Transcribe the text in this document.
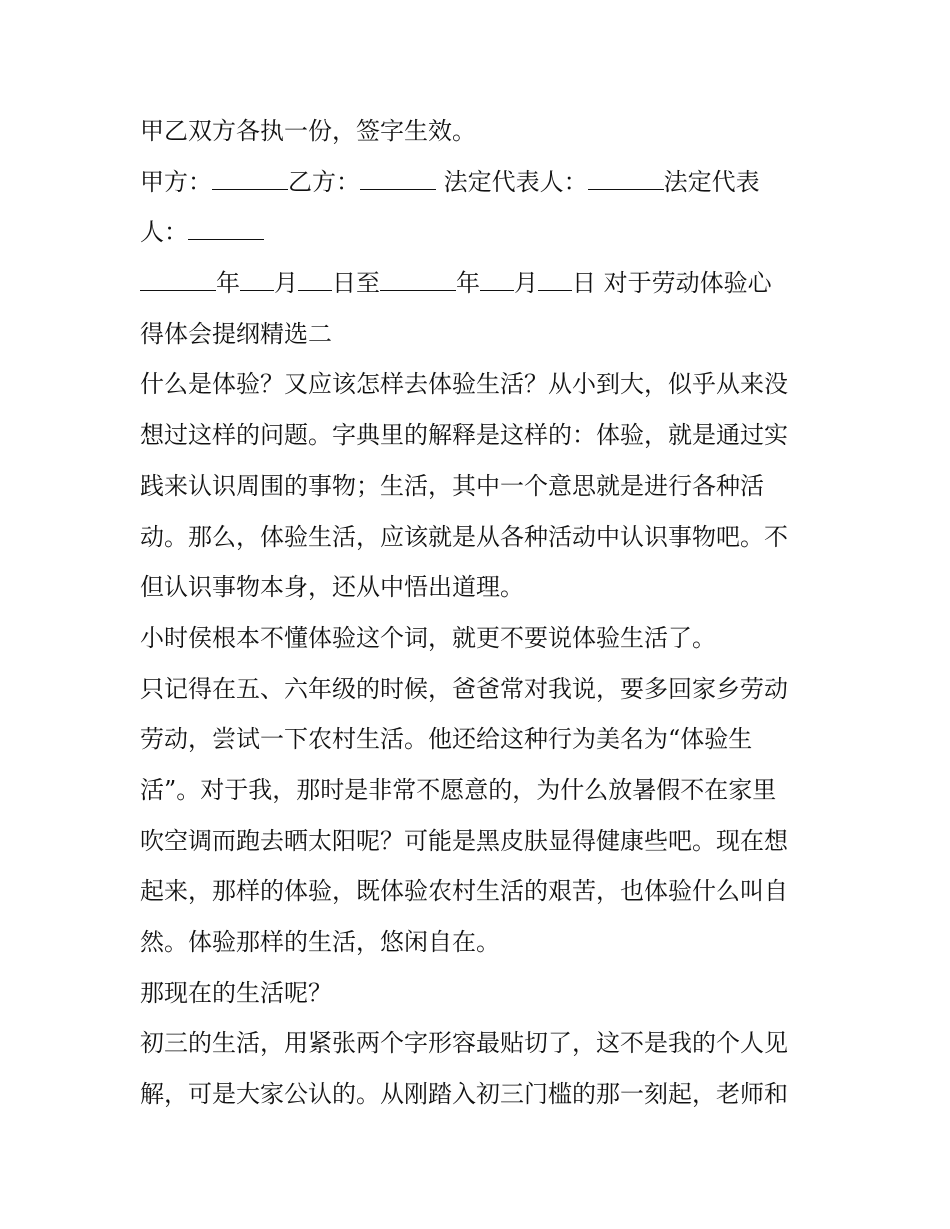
甲乙双方各执一份，签字生效。
甲方：	乙方：	法定代表人：	法定代表
人：
年 月 日至	年 月 日 对于劳动体验心
得体会提纲精选二
什么是体验？又应该怎样去体验生活？从小到大，似乎从来没
想过这样的问题。字典里的解释是这样的：体验，就是通过实
践来认识周围的事物；生活，其中一个意思就是进行各种活
动。那么，体验生活，应该就是从各种活动中认识事物吧。不
但认识事物本身，还从中悟出道理。
小时侯根本不懂体验这个词，就更不要说体验生活了。
只记得在五、六年级的时候，爸爸常对我说，要多回家乡劳动
劳动，尝试一下农村生活。他还给这种行为美名为“体验生
活”。对于我，那时是非常不愿意的，为什么放暑假不在家里
吹空调而跑去晒太阳呢？可能是黑皮肤显得健康些吧。现在想
起来，那样的体验，既体验农村生活的艰苦，也体验什么叫自
然。体验那样的生活，悠闲自在。
那现在的生活呢？
初三的生活，用紧张两个字形容最贴切了，这不是我的个人见
解，可是大家公认的。从刚踏入初三门槛的那一刻起，老师和
